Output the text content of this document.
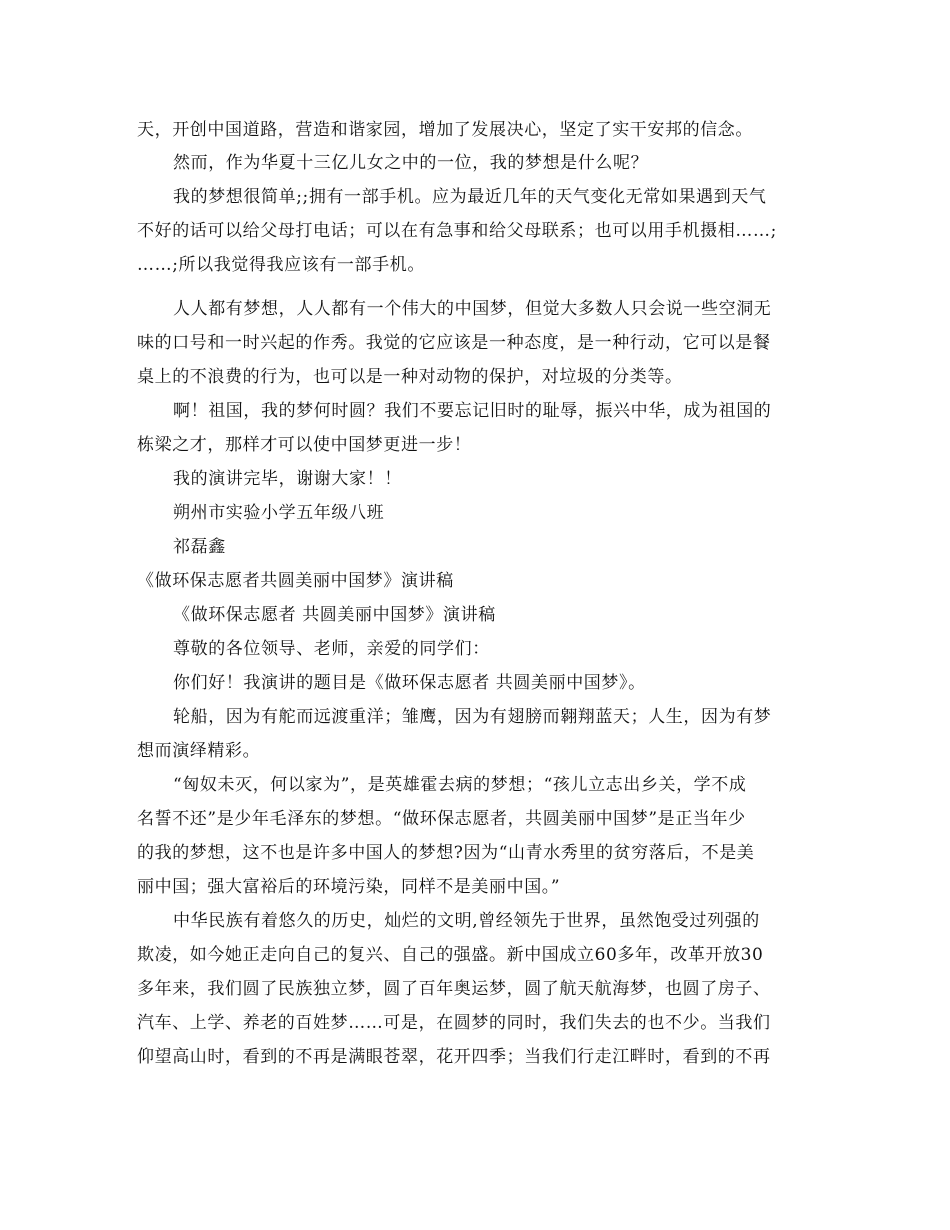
天，开创中国道路，营造和谐家园，增加了发展决心，坚定了实干安邦的信念。
然而，作为华夏十三亿儿女之中的一位，我的梦想是什么呢？
我的梦想很简单;;拥有一部手机。应为最近几年的天气变化无常如果遇到天气
不好的话可以给父母打电话；可以在有急事和给父母联系；也可以用手机摄相……;
……;所以我觉得我应该有一部手机。
人人都有梦想，人人都有一个伟大的中国梦，但觉大多数人只会说一些空洞无
味的口号和一时兴起的作秀。我觉的它应该是一种态度，是一种行动，它可以是餐
桌上的不浪费的行为，也可以是一种对动物的保护，对垃圾的分类等。
啊！祖国，我的梦何时圆？我们不要忘记旧时的耻辱，振兴中华，成为祖国的
栋梁之才，那样才可以使中国梦更进一步！
我的演讲完毕，谢谢大家！！
朔州市实验小学五年级八班
祁磊鑫
《做环保志愿者共圆美丽中国梦》演讲稿
《做环保志愿者 共圆美丽中国梦》演讲稿
尊敬的各位领导、老师，亲爱的同学们：
你们好！我演讲的题目是《做环保志愿者 共圆美丽中国梦》。
轮船，因为有舵而远渡重洋；雏鹰，因为有翅膀而翱翔蓝天；人生，因为有梦
想而演绎精彩。
“匈奴未灭，何以家为”，是英雄霍去病的梦想；“孩儿立志出乡关，学不成
名誓不还”是少年毛泽东的梦想。“做环保志愿者，共圆美丽中国梦”是正当年少
的我的梦想，这不也是许多中国人的梦想?因为“山青水秀里的贫穷落后，不是美
丽中国；强大富裕后的环境污染，同样不是美丽中国。”
中华民族有着悠久的历史，灿烂的文明,曾经领先于世界，虽然饱受过列强的
欺凌，如今她正走向自己的复兴、自己的强盛。新中国成立60多年，改革开放30
多年来，我们圆了民族独立梦，圆了百年奥运梦，圆了航天航海梦，也圆了房子、
汽车、上学、养老的百姓梦……可是，在圆梦的同时，我们失去的也不少。当我们
仰望高山时，看到的不再是满眼苍翠，花开四季；当我们行走江畔时，看到的不再
